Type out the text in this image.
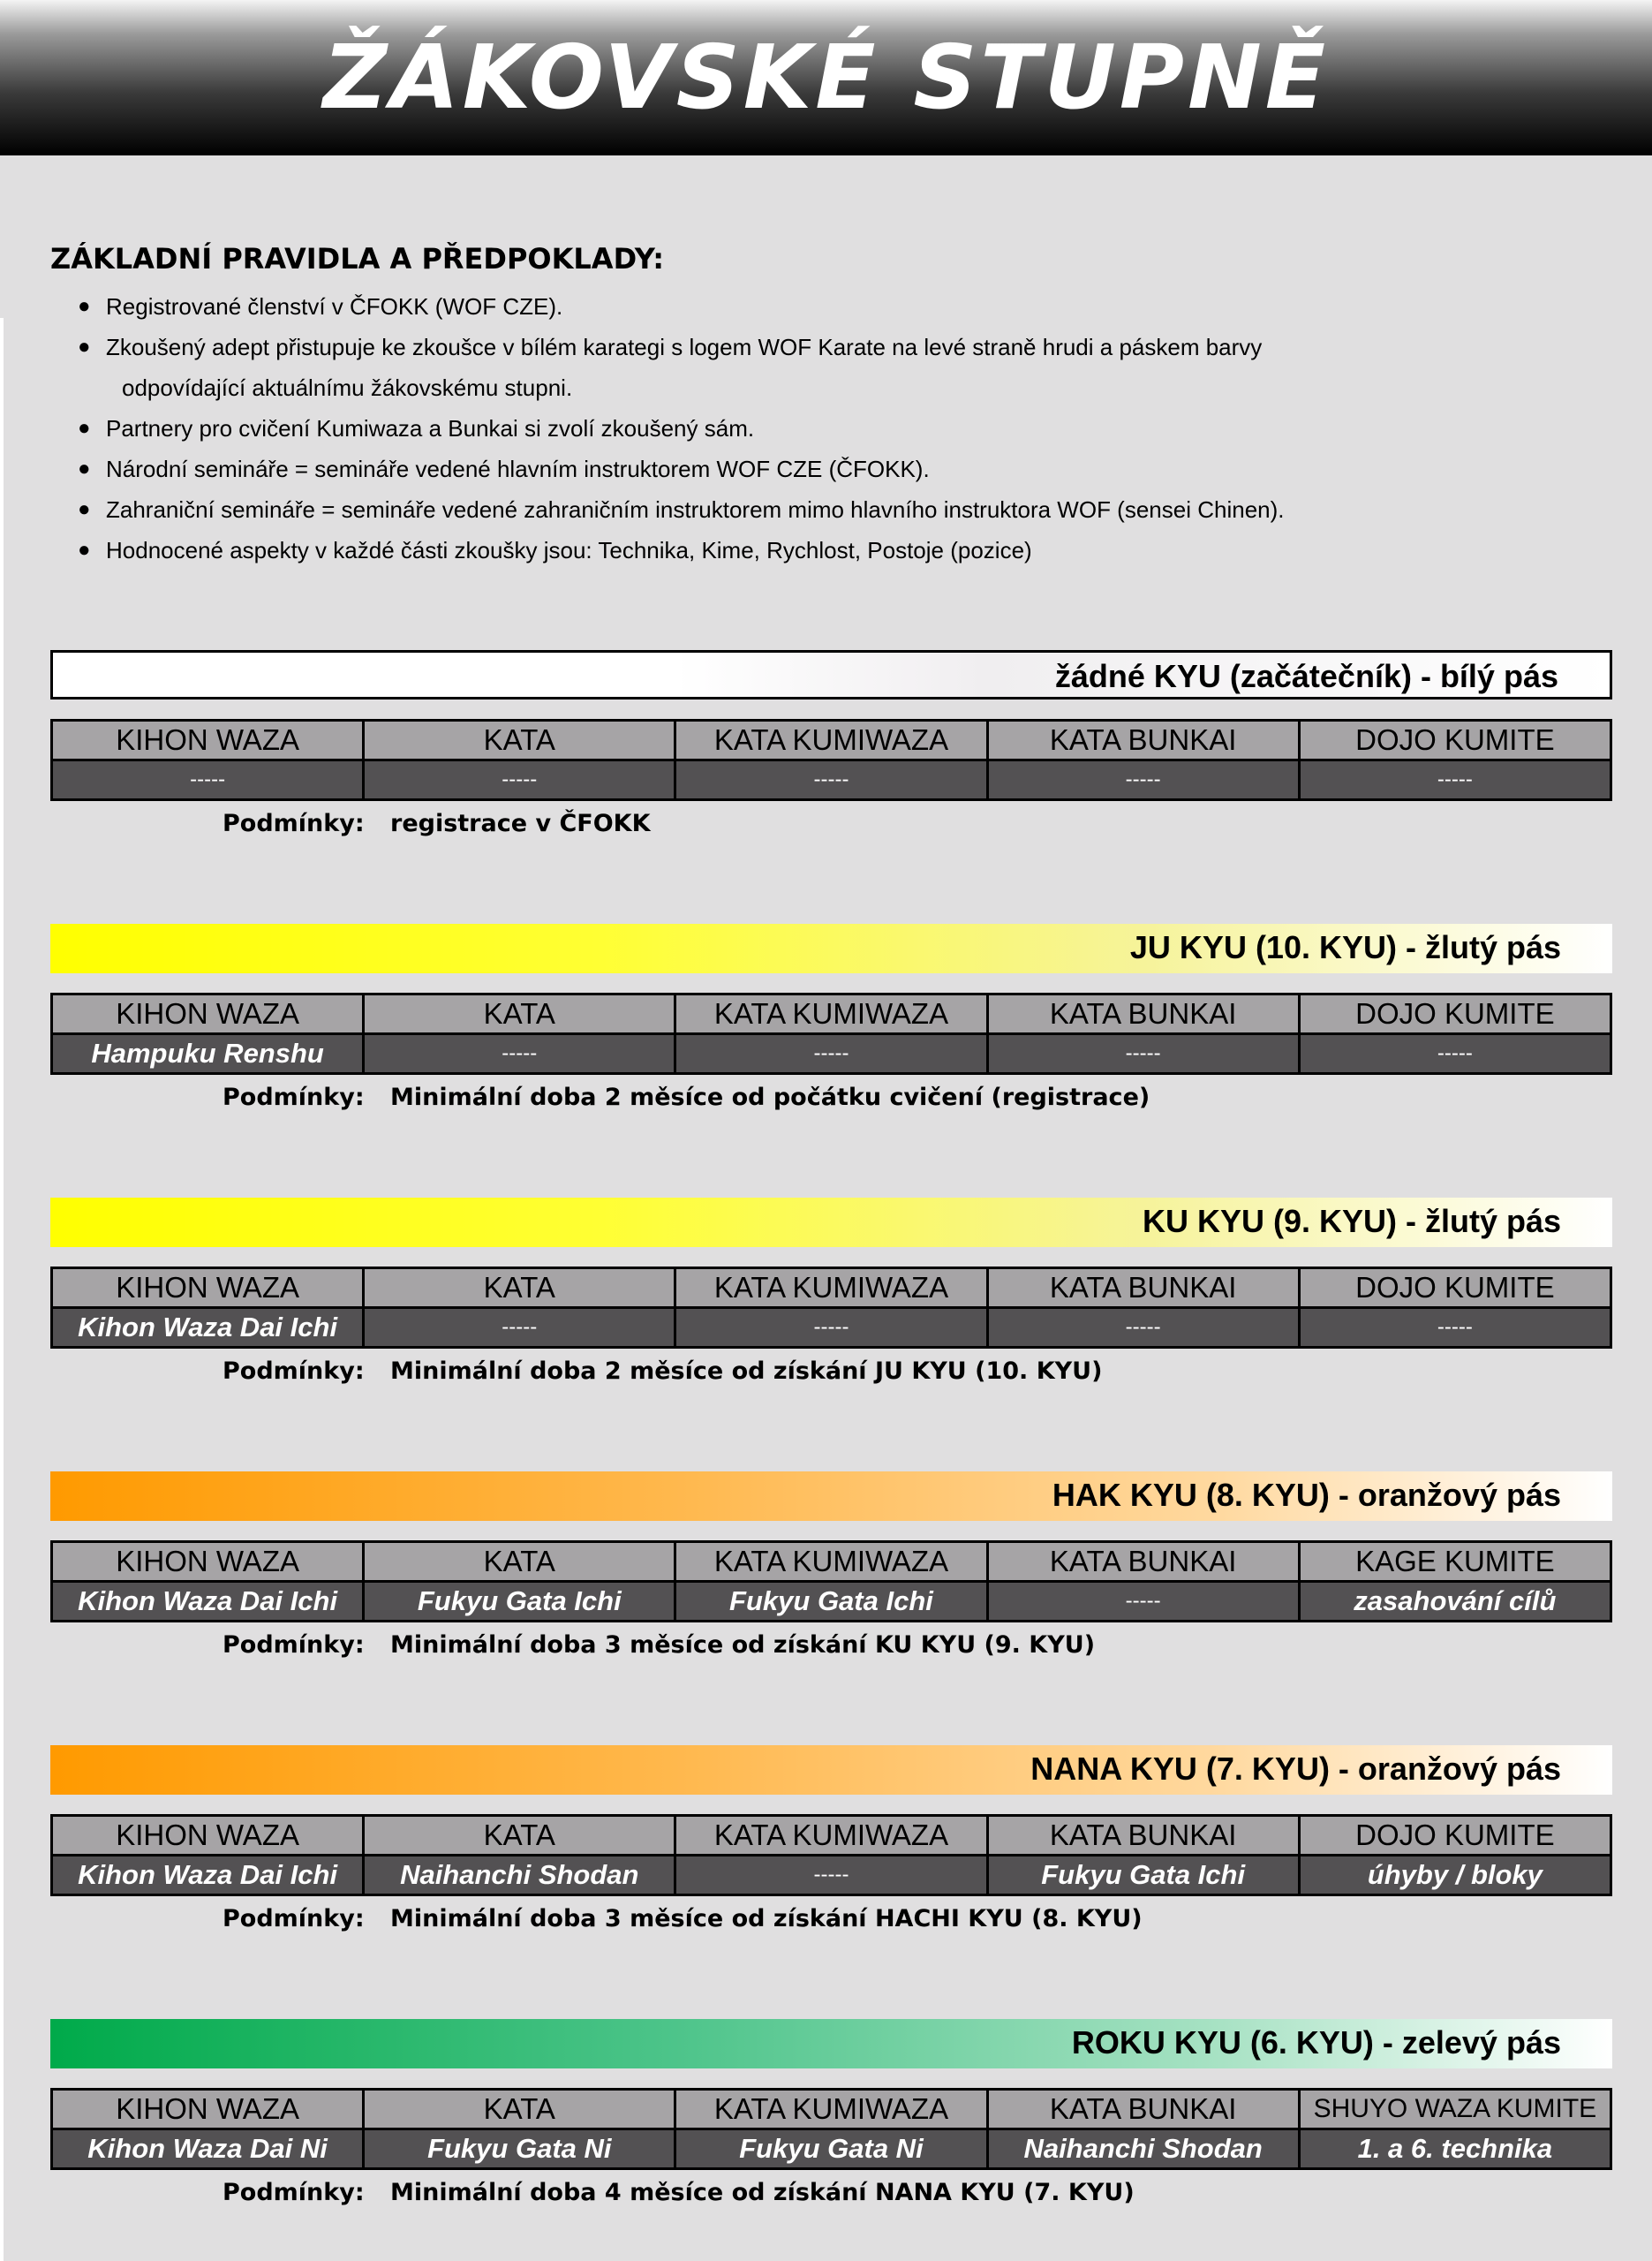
ŽÁKOVSKÉ STUPNĚ
ZÁKLADNÍ PRAVIDLA A PŘEDPOKLADY:
● Registrované členství v ČFOKK (WOF CZE).
● Zkoušený adept přistupuje ke zkoušce v bílém karategi s logem WOF Karate na levé straně hrudi a páskem barvy
odpovídající aktuálnímu žákovskému stupni.
● Partnery pro cvičení Kumiwaza a Bunkai si zvolí zkoušený sám.
● Národní semináře = semináře vedené hlavním instruktorem WOF CZE (ČFOKK).
● Zahraniční semináře = semináře vedené zahraničním instruktorem mimo hlavního instruktora WOF (sensei Chinen).
● Hodnocené aspekty v každé části zkoušky jsou: Technika, Kime, Rychlost, Postoje (pozice)
žádné KYU (začátečník) - bílý pás
KIHON WAZA	KATA	KATA KUMIWAZA	KATA BUNKAI	DOJO KUMITE
-----	-----	-----	-----	-----
Podmínky: registrace v ČFOKK
JU KYU (10. KYU) - žlutý pás
KIHON WAZA	KATA	KATA KUMIWAZA	KATA BUNKAI	DOJO KUMITE
Hampuku Renshu	-----	-----	-----	-----
Podmínky: Minimální doba 2 měsíce od počátku cvičení (registrace)
KU KYU (9. KYU) - žlutý pás
KIHON WAZA	KATA	KATA KUMIWAZA	KATA BUNKAI	DOJO KUMITE
Kihon Waza Dai Ichi	-----	-----	-----	-----
Podmínky: Minimální doba 2 měsíce od získání JU KYU (10. KYU)
HAK KYU (8. KYU) - oranžový pás
KIHON WAZA	KATA	KATA KUMIWAZA	KATA BUNKAI	KAGE KUMITE
Kihon Waza Dai Ichi	Fukyu Gata Ichi	Fukyu Gata Ichi	-----	zasahování cílů
Podmínky: Minimální doba 3 měsíce od získání KU KYU (9. KYU)
NANA KYU (7. KYU) - oranžový pás
KIHON WAZA	KATA	KATA KUMIWAZA	KATA BUNKAI	DOJO KUMITE
Kihon Waza Dai Ichi	Naihanchi Shodan	-----	Fukyu Gata Ichi	úhyby / bloky
Podmínky: Minimální doba 3 měsíce od získání HACHI KYU (8. KYU)
ROKU KYU (6. KYU) - zelevý pás
KIHON WAZA	KATA	KATA KUMIWAZA	KATA BUNKAI	SHUYO WAZA KUMITE
Kihon Waza Dai Ni	Fukyu Gata Ni	Fukyu Gata Ni	Naihanchi Shodan	1. a 6. technika
Podmínky: Minimální doba 4 měsíce od získání NANA KYU (7. KYU)
